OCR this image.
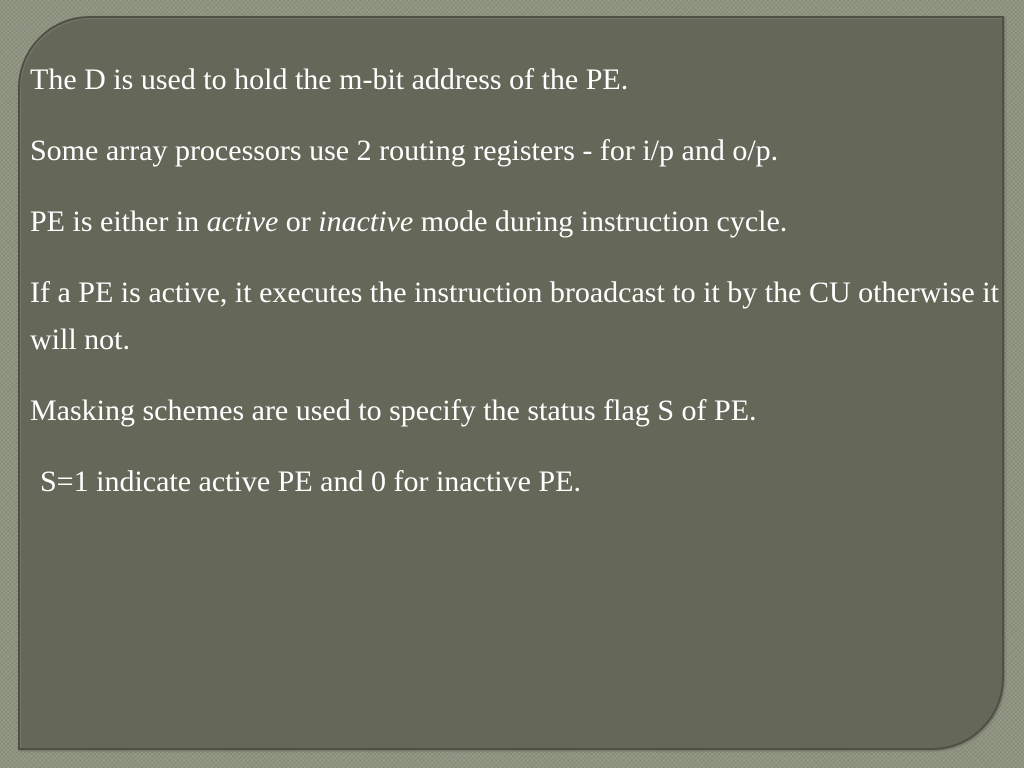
The D is used to hold the m-bit address of the PE.

Some array processors use 2 routing registers - for i/p and o/p.

PE is either in active or inactive mode during instruction cycle.

If a PE is active, it executes the instruction broadcast to it by the CU otherwise it will not.

Masking schemes are used to specify the status flag S of PE.

S=1 indicate active PE and 0 for inactive PE.
